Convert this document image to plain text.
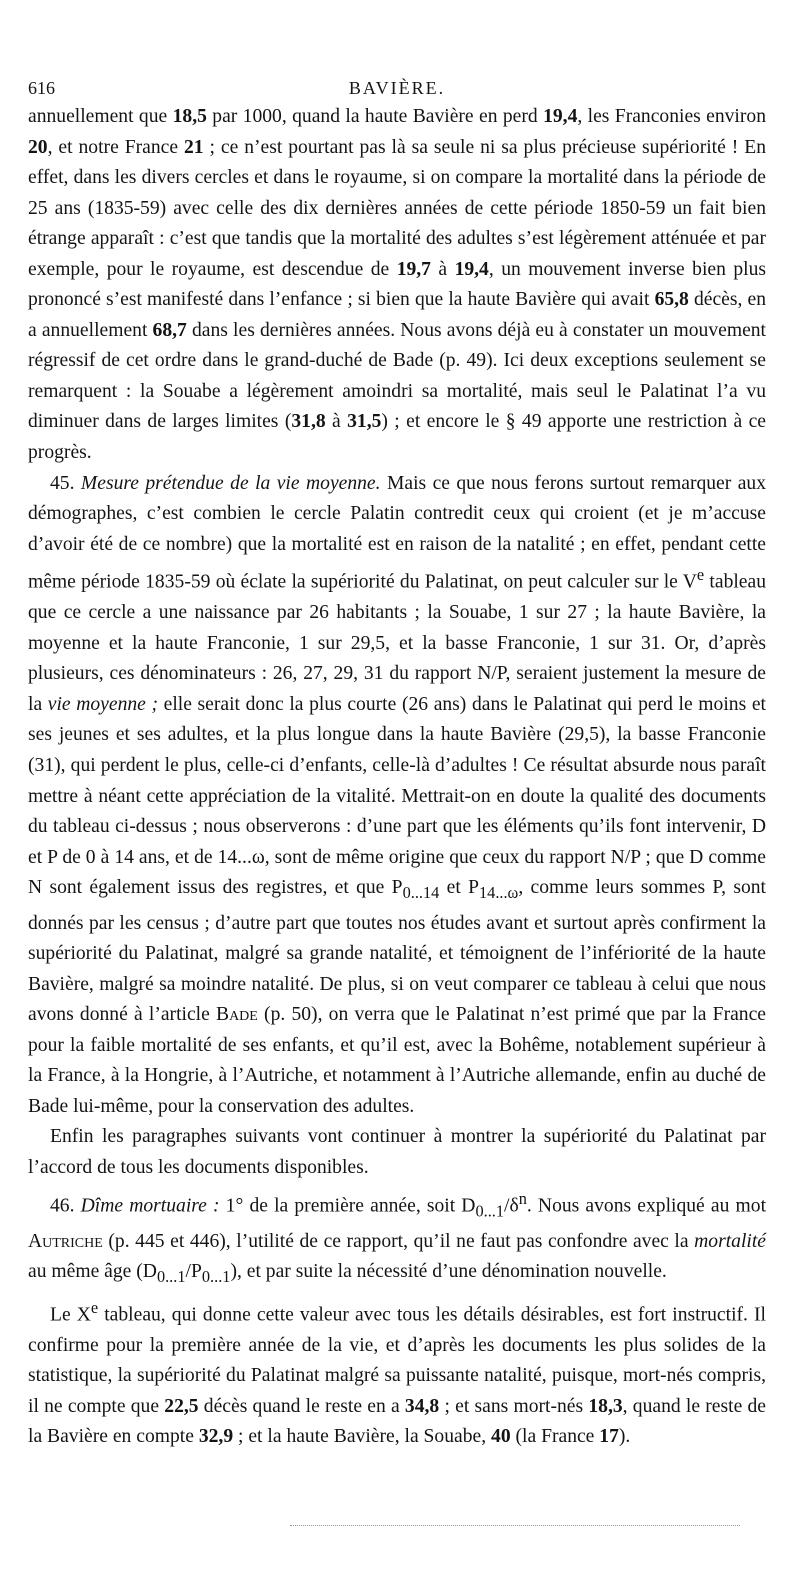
616	BAVIÈRE.

annuellement que 18,5 par 1000, quand la haute Bavière en perd 19,4, les Franconies environ 20, et notre France 21 ; ce n’est pourtant pas là sa seule ni sa plus précieuse supériorité ! En effet, dans les divers cercles et dans le royaume, si on compare la mortalité dans la période de 25 ans (1835-59) avec celle des dix dernières années de cette période 1850-59 un fait bien étrange apparaît : c’est que tandis que la mortalité des adultes s’est légèrement atténuée et par exemple, pour le royaume, est descendue de 19,7 à 19,4, un mouvement inverse bien plus prononcé s’est manifesté dans l’enfance ; si bien que la haute Bavière qui avait 65,8 décès, en a annuellement 68,7 dans les dernières années. Nous avons déjà eu à constater un mouvement régressif de cet ordre dans le grand-duché de Bade (p. 49). Ici deux exceptions seulement se remarquent : la Souabe a légèrement amoindri sa mortalité, mais seul le Palatinat l’a vu diminuer dans de larges limites (31,8 à 31,5) ; et encore le § 49 apporte une restriction à ce progrès.

45. Mesure prétendue de la vie moyenne. Mais ce que nous ferons surtout remarquer aux démographes, c’est combien le cercle Palatin contredit ceux qui croient (et je m’accuse d’avoir été de ce nombre) que la mortalité est en raison de la natalité ; en effet, pendant cette même période 1835-59 où éclate la supériorité du Palatinat, on peut calculer sur le Ve tableau que ce cercle a une naissance par 26 habitants ; la Souabe, 1 sur 27 ; la haute Bavière, la moyenne et la haute Franconie, 1 sur 29,5, et la basse Franconie, 1 sur 31. Or, d’après plusieurs, ces dénominateurs : 26, 27, 29, 31 du rapport N/P, seraient justement la mesure de la vie moyenne ; elle serait donc la plus courte (26 ans) dans le Palatinat qui perd le moins et ses jeunes et ses adultes, et la plus longue dans la haute Bavière (29,5), la basse Franconie (31), qui perdent le plus, celle-ci d’enfants, celle-là d’adultes ! Ce résultat absurde nous paraît mettre à néant cette appréciation de la vitalité. Mettrait-on en doute la qualité des documents du tableau ci-dessus ; nous observerons : d’une part que les éléments qu’ils font intervenir, D et P de 0 à 14 ans, et de 14...ω, sont de même origine que ceux du rapport N/P ; que D comme N sont également issus des registres, et que $P_{0...14}$ et $P_{14...\omega}$, comme leurs sommes P, sont donnés par les census ; d’autre part que toutes nos études avant et surtout après confirment la supériorité du Palatinat, malgré sa grande natalité, et témoignent de l’infériorité de la haute Bavière, malgré sa moindre natalité. De plus, si on veut comparer ce tableau à celui que nous avons donné à l’article Bade (p. 50), on verra que le Palatinat n’est primé que par la France pour la faible mortalité de ses enfants, et qu’il est, avec la Bohême, notablement supérieur à la France, à la Hongrie, à l’Autriche, et notamment à l’Autriche allemande, enfin au duché de Bade lui-même, pour la conservation des adultes.

Enfin les paragraphes suivants vont continuer à montrer la supériorité du Palatinat par l’accord de tous les documents disponibles.

46. Dîme mortuaire : 1° de la première année, soit $D_{0...1}/\delta^n$. Nous avons expliqué au mot Autriche (p. 445 et 446), l’utilité de ce rapport, qu’il ne faut pas confondre avec la mortalité au même âge $(D_{0...1}/P_{0...1})$, et par suite la nécessité d’une dénomination nouvelle.

Le Xe tableau, qui donne cette valeur avec tous les détails désirables, est fort instructif. Il confirme pour la première année de la vie, et d’après les documents les plus solides de la statistique, la supériorité du Palatinat malgré sa puissante natalité, puisque, mort-nés compris, il ne compte que 22,5 décès quand le reste en a 34,8 ; et sans mort-nés 18,3, quand le reste de la Bavière en compte 32,9 ; et la haute Bavière, la Souabe, 40 (la France 17).
